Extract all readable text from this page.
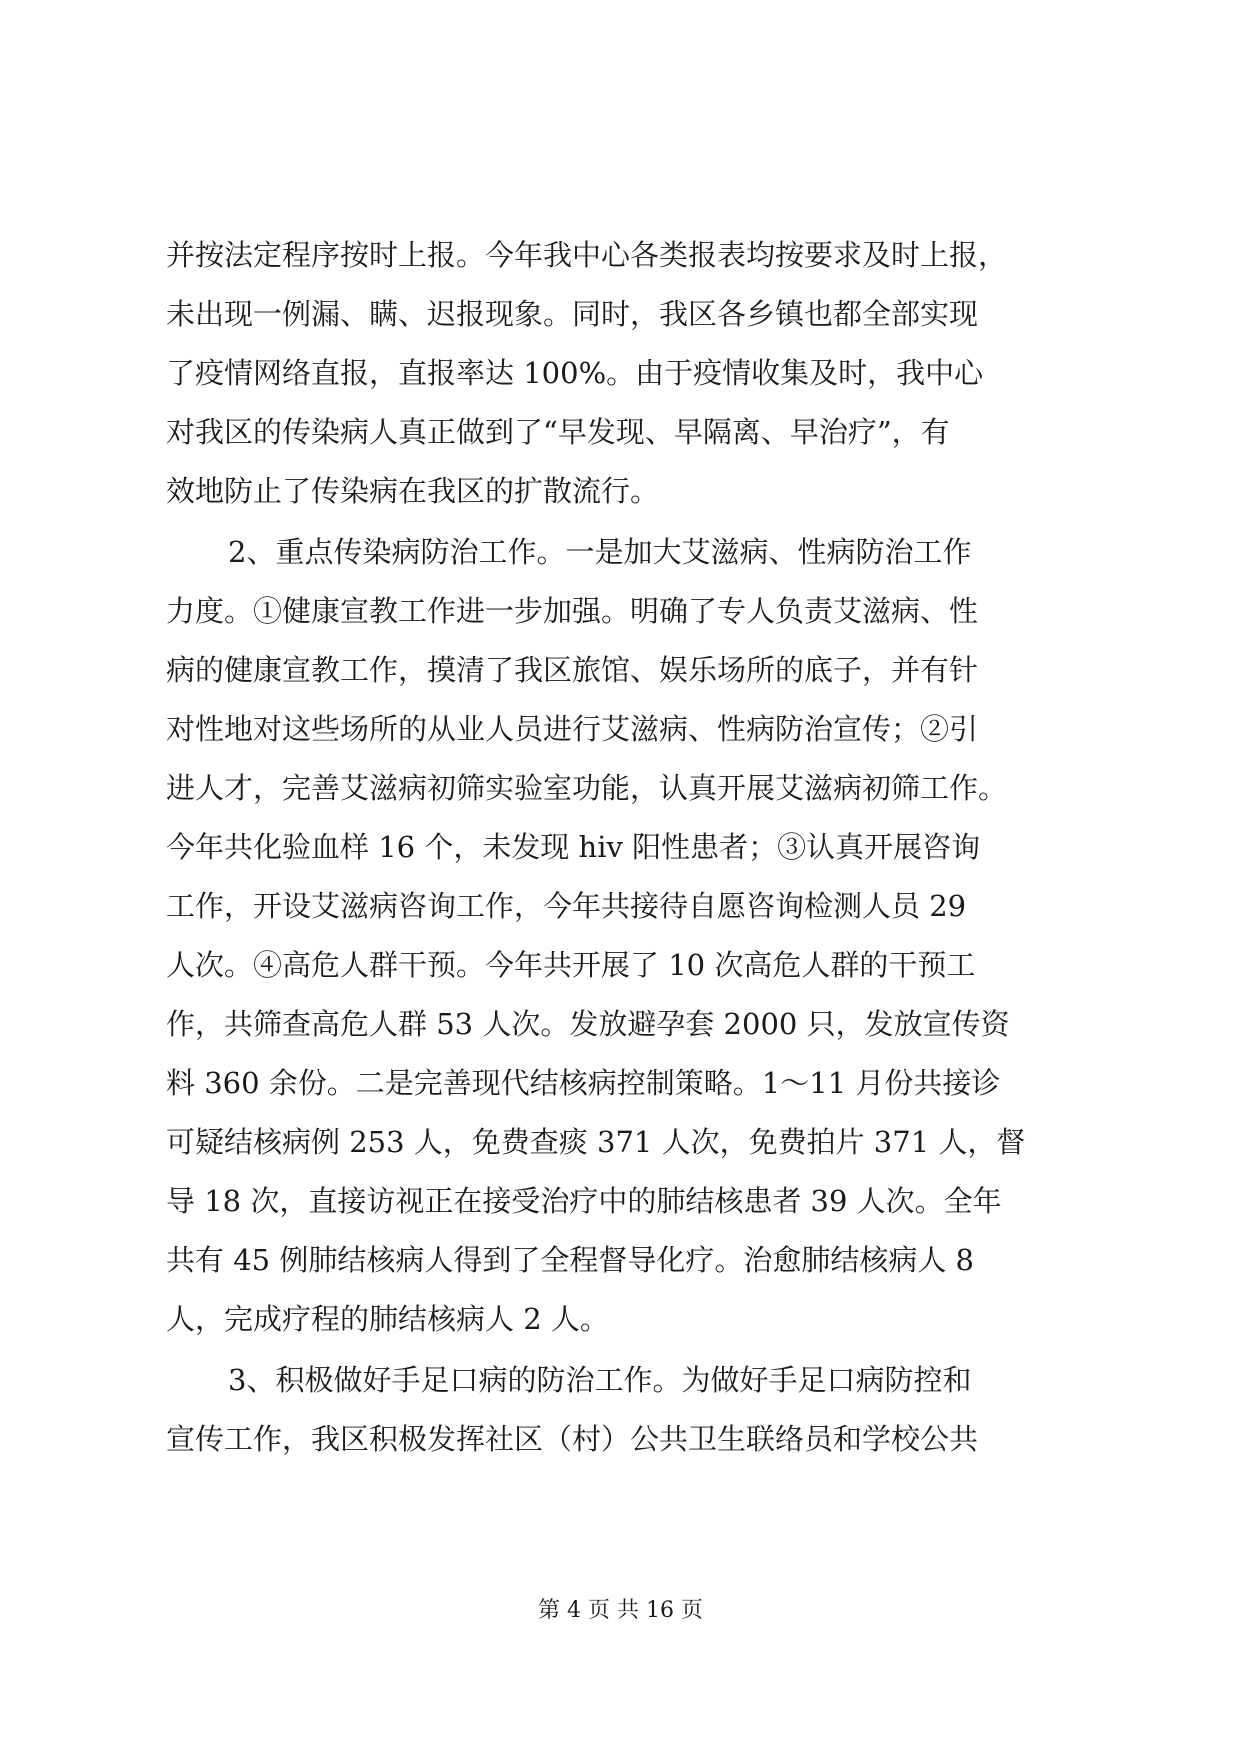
并按法定程序按时上报。今年我中心各类报表均按要求及时上报，
未出现一例漏、瞒、迟报现象。同时，我区各乡镇也都全部实现
了疫情网络直报，直报率达 100%。由于疫情收集及时，我中心
对我区的传染病人真正做到了“早发现、早隔离、早治疗”，有
效地防止了传染病在我区的扩散流行。
2、重点传染病防治工作。一是加大艾滋病、性病防治工作
力度。①健康宣教工作进一步加强。明确了专人负责艾滋病、性
病的健康宣教工作，摸清了我区旅馆、娱乐场所的底子，并有针
对性地对这些场所的从业人员进行艾滋病、性病防治宣传；②引
进人才，完善艾滋病初筛实验室功能，认真开展艾滋病初筛工作。
今年共化验血样 16 个，未发现 hiv 阳性患者；③认真开展咨询
工作，开设艾滋病咨询工作，今年共接待自愿咨询检测人员 29
人次。④高危人群干预。今年共开展了 10 次高危人群的干预工
作，共筛查高危人群 53 人次。发放避孕套 2000 只，发放宣传资
料 360 余份。二是完善现代结核病控制策略。1～11 月份共接诊
可疑结核病例 253 人，免费查痰 371 人次，免费拍片 371 人，督
导 18 次，直接访视正在接受治疗中的肺结核患者 39 人次。全年
共有 45 例肺结核病人得到了全程督导化疗。治愈肺结核病人 8
人，完成疗程的肺结核病人 2 人。
3、积极做好手足口病的防治工作。为做好手足口病防控和
宣传工作，我区积极发挥社区（村）公共卫生联络员和学校公共
第 4 页 共 16 页
